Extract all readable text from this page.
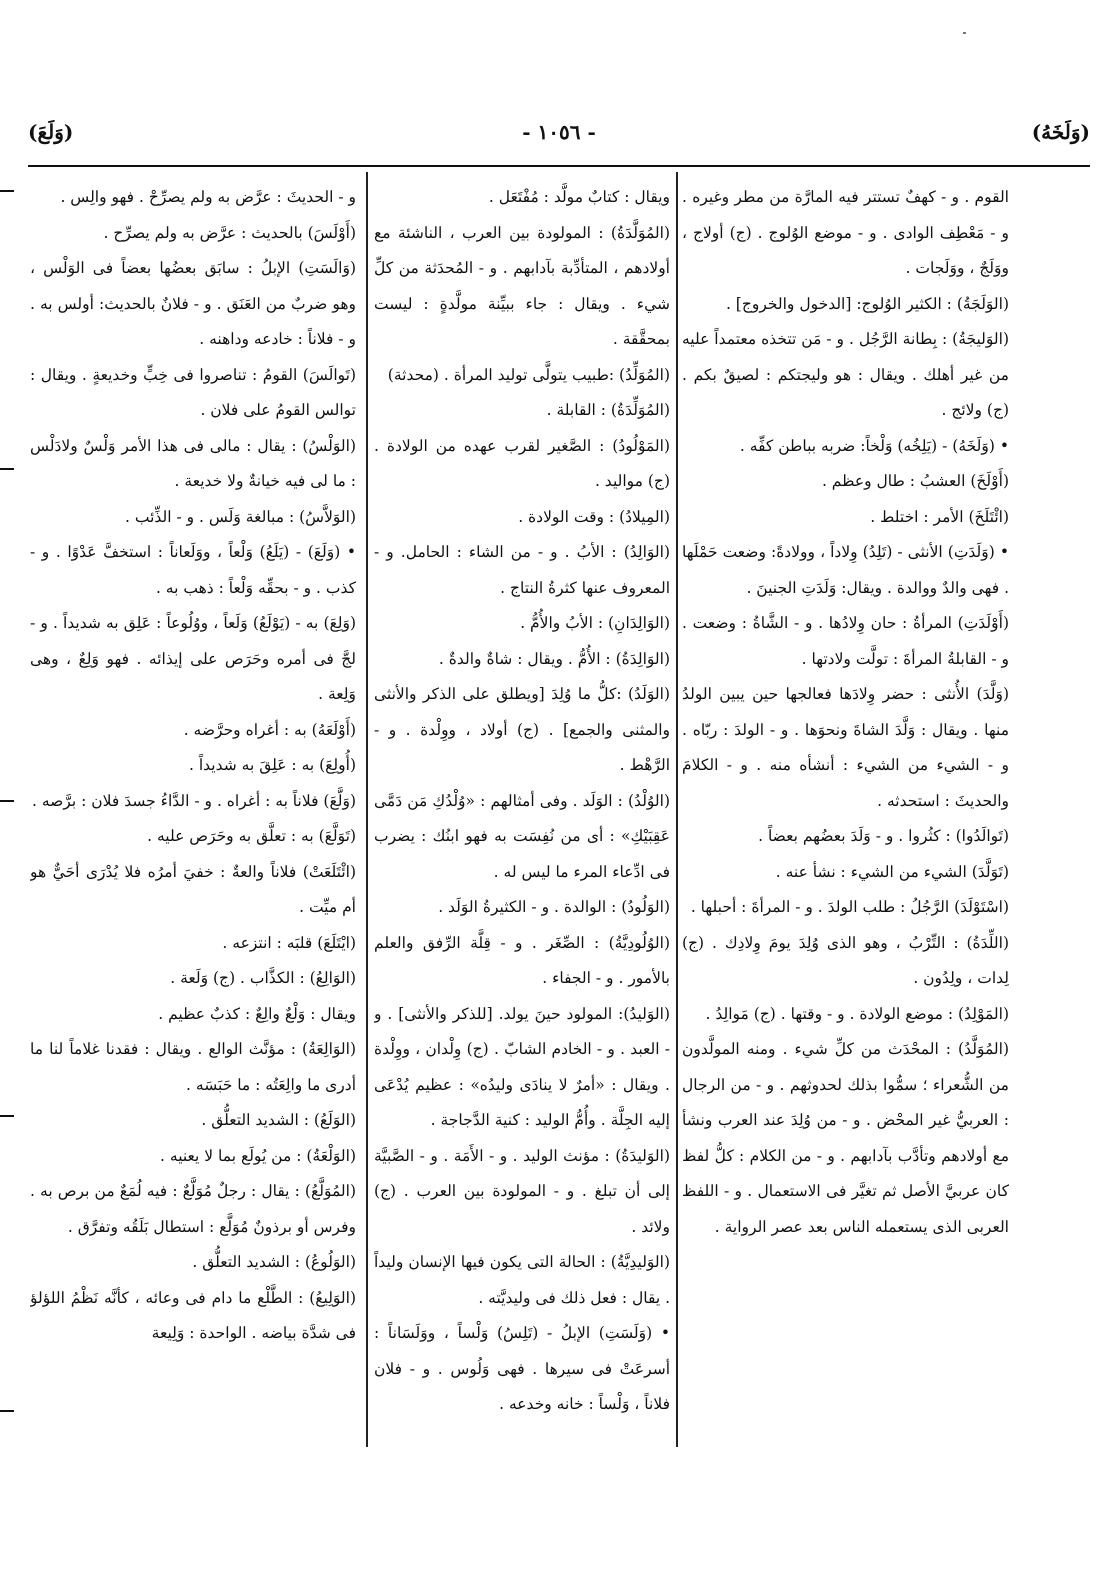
(وَلَخَهُ)
- ١٠٥٦ -
(وَلَعَ)

القوم . و - كهفٌ تستتر فيه المارَّة من مطر وغيره . و - مَعْطِف الوادى . و - موضع الوُلوج . (ج) أولاج ، ووَلَجٌ ، ووَلَجات .

(الوَلَجَةُ) : الكثير الوُلوج: [الدخول والخروج] .

(الوَليجَةُ) : بِطانة الرَّجُل . و - مَن تتخذه معتمداً عليه من غير أهلك . ويقال : هو وليجتكم : لصيقٌ بكم . (ج) ولائج .

• (وَلَخَهُ) - (يَلِخُه) وَلْخاً: ضربه بباطن كفِّه .

(أَوْلَخَ) العشبُ : طال وعظم .

(ائْتَلَخَ) الأمر : اختلط .

• (وَلَدَتِ) الأنثى - (تَلِدُ) وِلاداً ، وولادةً: وضعت حَمْلَها . فهى والدٌ ووالدة . ويقال: وَلَدَتِ الجنينَ .

(أَوْلَدَتِ) المرأةُ : حان وِلادُها . و - الشَّاةُ : وضعت . و - القابلةُ المرأةَ : تولَّت ولادتها .

(وَلَّدَ) الأُنثى : حضر وِلادَها فعالجها حين يبين الولدُ منها . ويقال : وَلَّدَ الشاةَ ونحوَها . و - الولدَ : ربّاه . و - الشيء من الشيء : أنشأه منه . و - الكلامَ والحديثَ : استحدثه .

(تَوالَدُوا) : كثُروا . و - وَلَدَ بعضُهم بعضاً .

(تَوَلَّدَ) الشيء من الشيء : نشأ عنه .

(اسْتَوْلَدَ) الرَّجُلُ : طلب الولدَ . و - المرأةَ : أحبلها .

(اللِّدَةُ) : التِّرْبُ ، وهو الذى وُلِدَ يومَ وِلادِك . (ج) لِدات ، ولِدُون .

(المَوْلِدُ) : موضع الولادة . و - وقتها . (ج) مَوالِدُ .

(المُوَلَّدُ) : المحْدَث من كلِّ شيء . ومنه المولَّدون من الشُّعراء ؛ سمُّوا بذلك لحدوثهم . و - من الرجال : العربيُّ غير المحْض . و - من وُلِدَ عند العرب ونشأ مع أولادهم وتأدَّب بآدابهم . و - من الكلام : كلُّ لفظ كان عربيَّ الأصل ثم تغيَّر فى الاستعمال . و - اللفظ العربى الذى يستعمله الناس بعد عصر الرواية .

ويقال : كتابٌ مولَّد : مُفْتَعَل .

(المُوَلَّدَةُ) : المولودة بين العرب ، الناشئة مع أولادهم ، المتأدِّبة بآدابهم . و - المُحدَثة من كلِّ شيء . ويقال : جاء ببيِّنة مولَّدةٍ : ليست بمحقَّقة .

(المُوَلِّدُ) :طبيب يتولَّى توليد المرأة . (محدثة)

(المُوَلِّدَةُ) : القابلة .

(المَوْلُودُ) : الصَّغير لقرب عهده من الولادة . (ج) مواليد .

(المِيلادُ) : وقت الولادة .

(الوَالِدُ) : الأبُ . و - من الشاء : الحامل. و - المعروف عنها كثرةُ النتاج .

(الوَالِدَانِ) : الأبُ والأُمُّ .

(الوَالِدَةُ) : الأُمُّ . ويقال : شاةٌ والدةٌ .

(الوَلَدُ) :كلُّ ما وُلِدَ [ويطلق على الذكر والأنثى والمثنى والجمع] . (ج) أولاد ، ووِلْدة . و - الرَّهْط .

(الوُلْدُ) : الوَلَد . وفى أمثالهم : «وُلْدُكِ مَن دَمَّى عَقِبَيْكِ» : أى من نُفِسَت به فهو ابنُك : يضرب فى ادِّعاء المرء ما ليس له .

(الوَلُودُ) : الوالدة . و - الكثيرةُ الوَلَد .

(الوُلُودِيَّةُ) : الصِّغَر . و - قِلَّة الرِّفق والعلم بالأمور . و - الجفاء .

(الوَليدُ): المولود حينَ يولد. [للذكر والأنثى] . و - العبد . و - الخادم الشابّ . (ج) وِلْدان ، ووِلْدة . ويقال : «أمرٌ لا ينادَى وليدُه» : عظيم يُدْعَى إليه الجِلَّة . وأُمُّ الوليد : كنية الدَّجاجة .

(الوَليدَةُ) : مؤنث الوليد . و - الأَمَة . و - الصَّبيَّة إلى أن تبلغ . و - المولودة بين العرب . (ج) ولائد .

(الوَليدِيَّةُ) : الحالة التى يكون فيها الإنسان وليداً . يقال : فعل ذلك فى وليديَّته .

• (وَلَسَتِ) الإبلُ - (تَلِسُ) وَلْساً ، ووَلَسَاناً : أسرعَتْ فى سيرها . فهى وَلُوس . و - فلان فلاناً ، وَلْساً : خانه وخدعه .

و - الحديثَ : عرَّض به ولم يصرِّحْ . فهو والِس .

(أَوْلَسَ) بالحديث : عرَّض به ولم يصرِّح .

(وَالَسَتِ) الإبلُ : سابَق بعضُها بعضاً فى الوَلْس ، وهو ضربٌ من العَنَق . و - فلانٌ بالحديث: أولس به . و - فلاناً : خادعه وداهنه .

(تَوالَسَ) القومُ : تناصروا فى خِبٍّ وخديعةٍ . ويقال : توالس القومُ على فلان .

(الوَلْسُ) : يقال : مالى فى هذا الأمر وَلْسٌ ولادَلْس : ما لى فيه خيانةٌ ولا خديعة .

(الوَلاَّسُ) : مبالغة وَلَس . و - الذِّئب .

• (وَلَعَ) - (يَلَعُ) وَلْعاً ، ووَلَعاناً : استخفَّ عَدْوًا . و - كذب . و - بحقِّه وَلْعاً : ذهب به .

(وَلِعَ) به - (يَوْلَعُ) وَلَعاً ، ووُلُوعاً : عَلِق به شديداً . و - لجَّ فى أمره وحَرَص على إيذائه . فهو وَلِعٌ ، وهى وَلِعة .

(أَوْلَعَهُ) به : أغراه وحرَّضه .

(أُولِعَ) به : عَلِقَ به شديداً .

(وَلَّعَ) فلاناً به : أغراه . و - الدَّاءُ جسدَ فلان : برَّصه .

(تَوَلَّعَ) به : تعلَّق به وحَرَص عليه .

(ائْتَلَعَتْ) فلاناً والعةٌ : خفيَ أمرُه فلا يُدْرَى أحَيٌّ هو أم ميِّت .

(ايْتَلَعَ) قلبَه : انتزعه .

(الوَالِعُ) : الكذَّاب . (ج) وَلَعة .

ويقال : وَلْعٌ والِعٌ : كذبٌ عظيم .

(الوَالِعَةُ) : مؤنَّث الوالع . ويقال : فقدنا غلاماً لنا ما أدرى ما والِعَتُه : ما حَبَسَه .

(الوَلَعُ) : الشديد التعلُّق .

(الوَلْعَةُ) : من يُولَع بما لا يعنيه .

(المُوَلَّعُ) : يقال : رجلٌ مُوَلَّعٌ : فيه لُمَعٌ من برص به . وفرس أو برذونٌ مُوَلَّع : استطال بَلَقُه وتفرَّق .

(الوَلُوعُ) : الشديد التعلُّق .

(الوَلِيعُ) : الطَّلْع ما دام فى وعائه ، كأنَّه نَظْمُ اللؤلؤ فى شدَّة بياضه . الواحدة : وَلِيعة
